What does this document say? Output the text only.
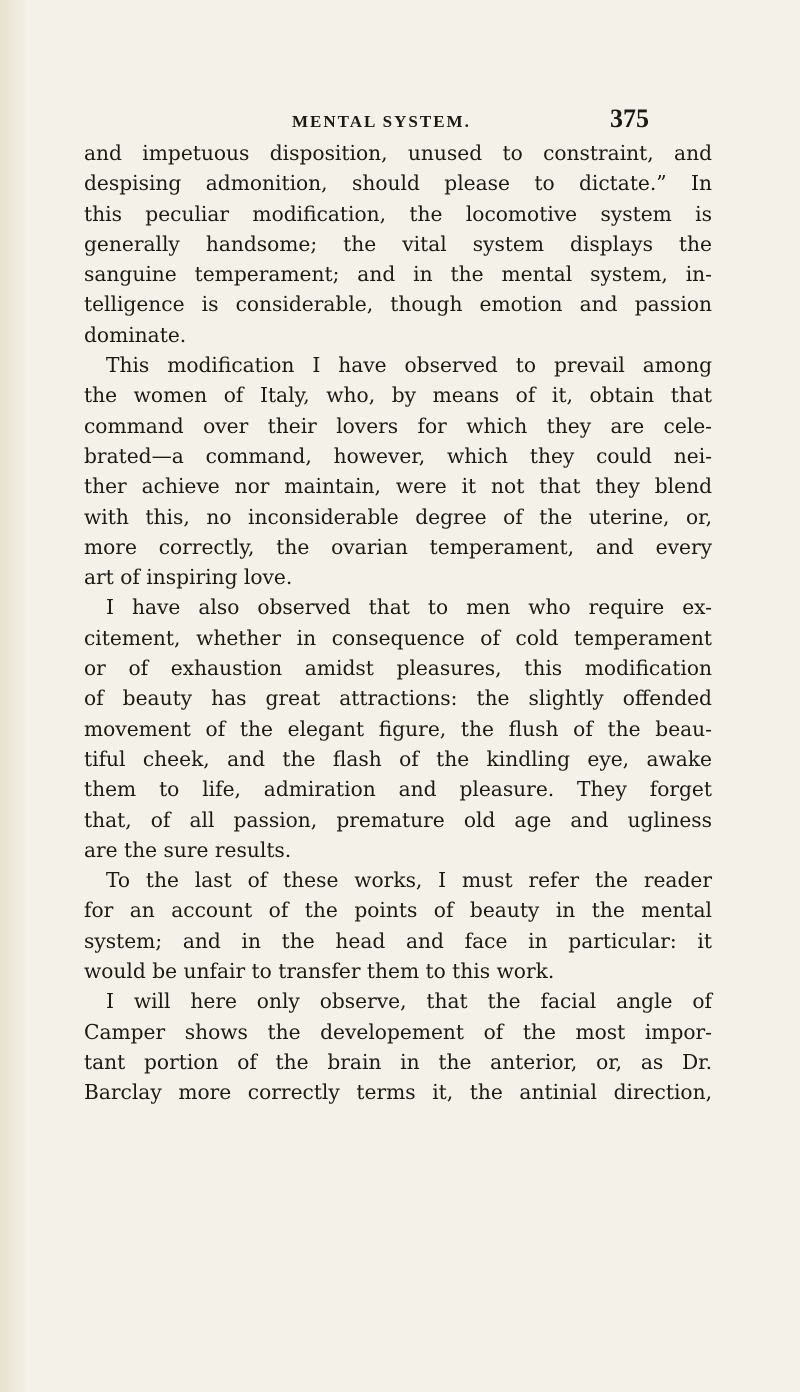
MENTAL SYSTEM.	375
and impetuous disposition, unused to constraint, and
despising admonition, should please to dictate.” In
this peculiar modification, the locomotive system is
generally handsome; the vital system displays the
sanguine temperament; and in the mental system, in-
telligence is considerable, though emotion and passion
dominate.
This modification I have observed to prevail among
the women of Italy, who, by means of it, obtain that
command over their lovers for which they are cele-
brated—a command, however, which they could nei-
ther achieve nor maintain, were it not that they blend
with this, no inconsiderable degree of the uterine, or,
more correctly, the ovarian temperament, and every
art of inspiring love.
I have also observed that to men who require ex-
citement, whether in consequence of cold temperament
or of exhaustion amidst pleasures, this modification
of beauty has great attractions: the slightly offended
movement of the elegant figure, the flush of the beau-
tiful cheek, and the flash of the kindling eye, awake
them to life, admiration and pleasure. They forget
that, of all passion, premature old age and ugliness
are the sure results.
To the last of these works, I must refer the reader
for an account of the points of beauty in the mental
system; and in the head and face in particular: it
would be unfair to transfer them to this work.
I will here only observe, that the facial angle of
Camper shows the developement of the most impor-
tant portion of the brain in the anterior, or, as Dr.
Barclay more correctly terms it, the antinial direction,
